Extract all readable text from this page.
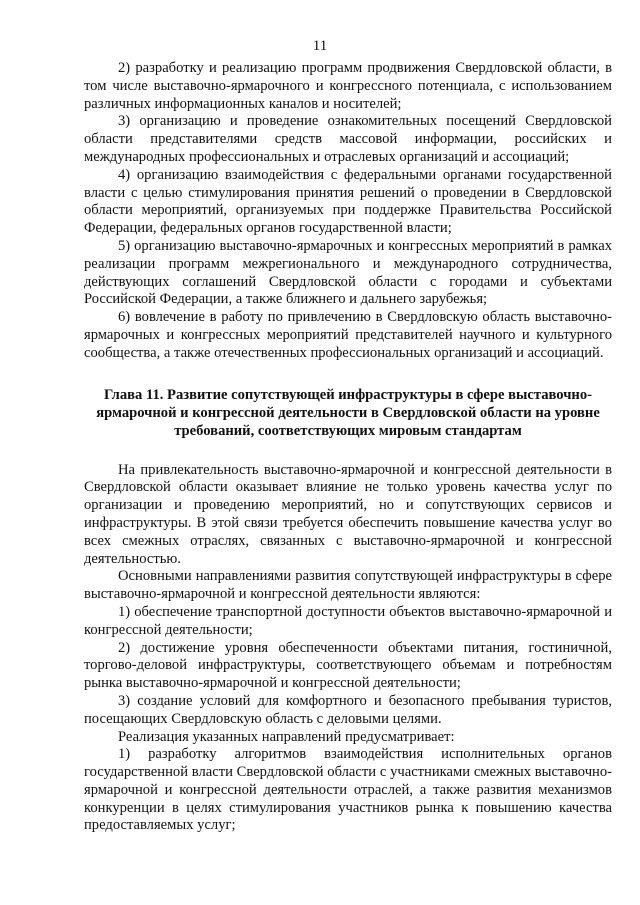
11

2) разработку и реализацию программ продвижения Свердловской области, в том числе выставочно-ярмарочного и конгрессного потенциала, с использованием различных информационных каналов и носителей;

3) организацию и проведение ознакомительных посещений Свердловской области представителями средств массовой информации, российских и международных профессиональных и отраслевых организаций и ассоциаций;

4) организацию взаимодействия с федеральными органами государственной власти с целью стимулирования принятия решений о проведении в Свердловской области мероприятий, организуемых при поддержке Правительства Российской Федерации, федеральных органов государственной власти;

5) организацию выставочно-ярмарочных и конгрессных мероприятий в рамках реализации программ межрегионального и международного сотрудничества, действующих соглашений Свердловской области с городами и субъектами Российской Федерации, а также ближнего и дальнего зарубежья;

6) вовлечение в работу по привлечению в Свердловскую область выставочно-ярмарочных и конгрессных мероприятий представителей научного и культурного сообщества, а также отечественных профессиональных организаций и ассоциаций.

Глава 11. Развитие сопутствующей инфраструктуры в сфере выставочно-ярмарочной и конгрессной деятельности в Свердловской области на уровне требований, соответствующих мировым стандартам

На привлекательность выставочно-ярмарочной и конгрессной деятельности в Свердловской области оказывает влияние не только уровень качества услуг по организации и проведению мероприятий, но и сопутствующих сервисов и инфраструктуры. В этой связи требуется обеспечить повышение качества услуг во всех смежных отраслях, связанных с выставочно-ярмарочной и конгрессной деятельностью.

Основными направлениями развития сопутствующей инфраструктуры в сфере выставочно-ярмарочной и конгрессной деятельности являются:

1) обеспечение транспортной доступности объектов выставочно-ярмарочной и конгрессной деятельности;

2) достижение уровня обеспеченности объектами питания, гостиничной, торгово-деловой инфраструктуры, соответствующего объемам и потребностям рынка выставочно-ярмарочной и конгрессной деятельности;

3) создание условий для комфортного и безопасного пребывания туристов, посещающих Свердловскую область с деловыми целями.

Реализация указанных направлений предусматривает:

1) разработку алгоритмов взаимодействия исполнительных органов государственной власти Свердловской области с участниками смежных выставочно-ярмарочной и конгрессной деятельности отраслей, а также развития механизмов конкуренции в целях стимулирования участников рынка к повышению качества предоставляемых услуг;
